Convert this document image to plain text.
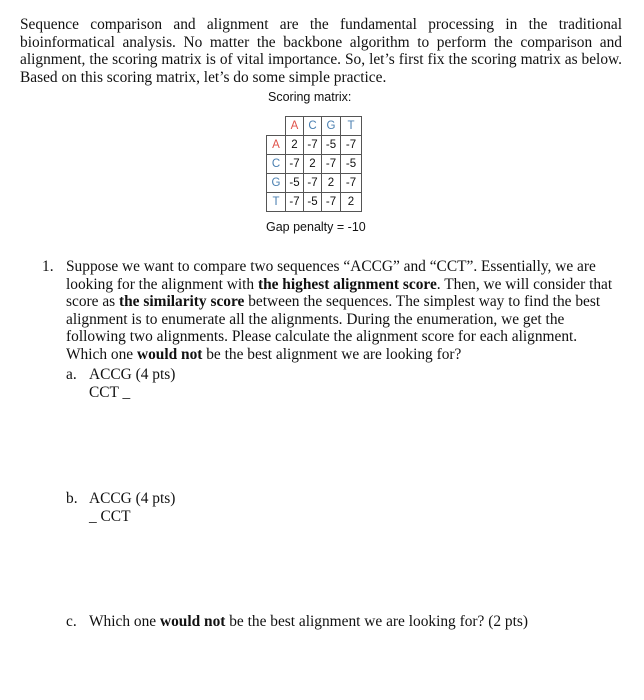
Sequence comparison and alignment are the fundamental processing in the traditional bioinformatical analysis. No matter the backbone algorithm to perform the comparison and alignment, the scoring matrix is of vital importance. So, let’s first fix the scoring matrix as below. Based on this scoring matrix, let’s do some simple practice.

Scoring matrix:
	A	C	G	T
A	2	-7	-5	-7
C	-7	2	-7	-5
G	-5	-7	2	-7
T	-7	-5	-7	2
Gap penalty = -10
1. Suppose we want to compare two sequences “ACCG” and “CCT”. Essentially, we are looking for the alignment with the highest alignment score. Then, we will consider that score as the similarity score between the sequences. The simplest way to find the best alignment is to enumerate all the alignments. During the enumeration, we get the following two alignments. Please calculate the alignment score for each alignment. Which one would not be the best alignment we are looking for?

a. ACCG (4 pts)
CCT _
b. ACCG (4 pts)
_ CCT
c. Which one would not be the best alignment we are looking for? (2 pts)
